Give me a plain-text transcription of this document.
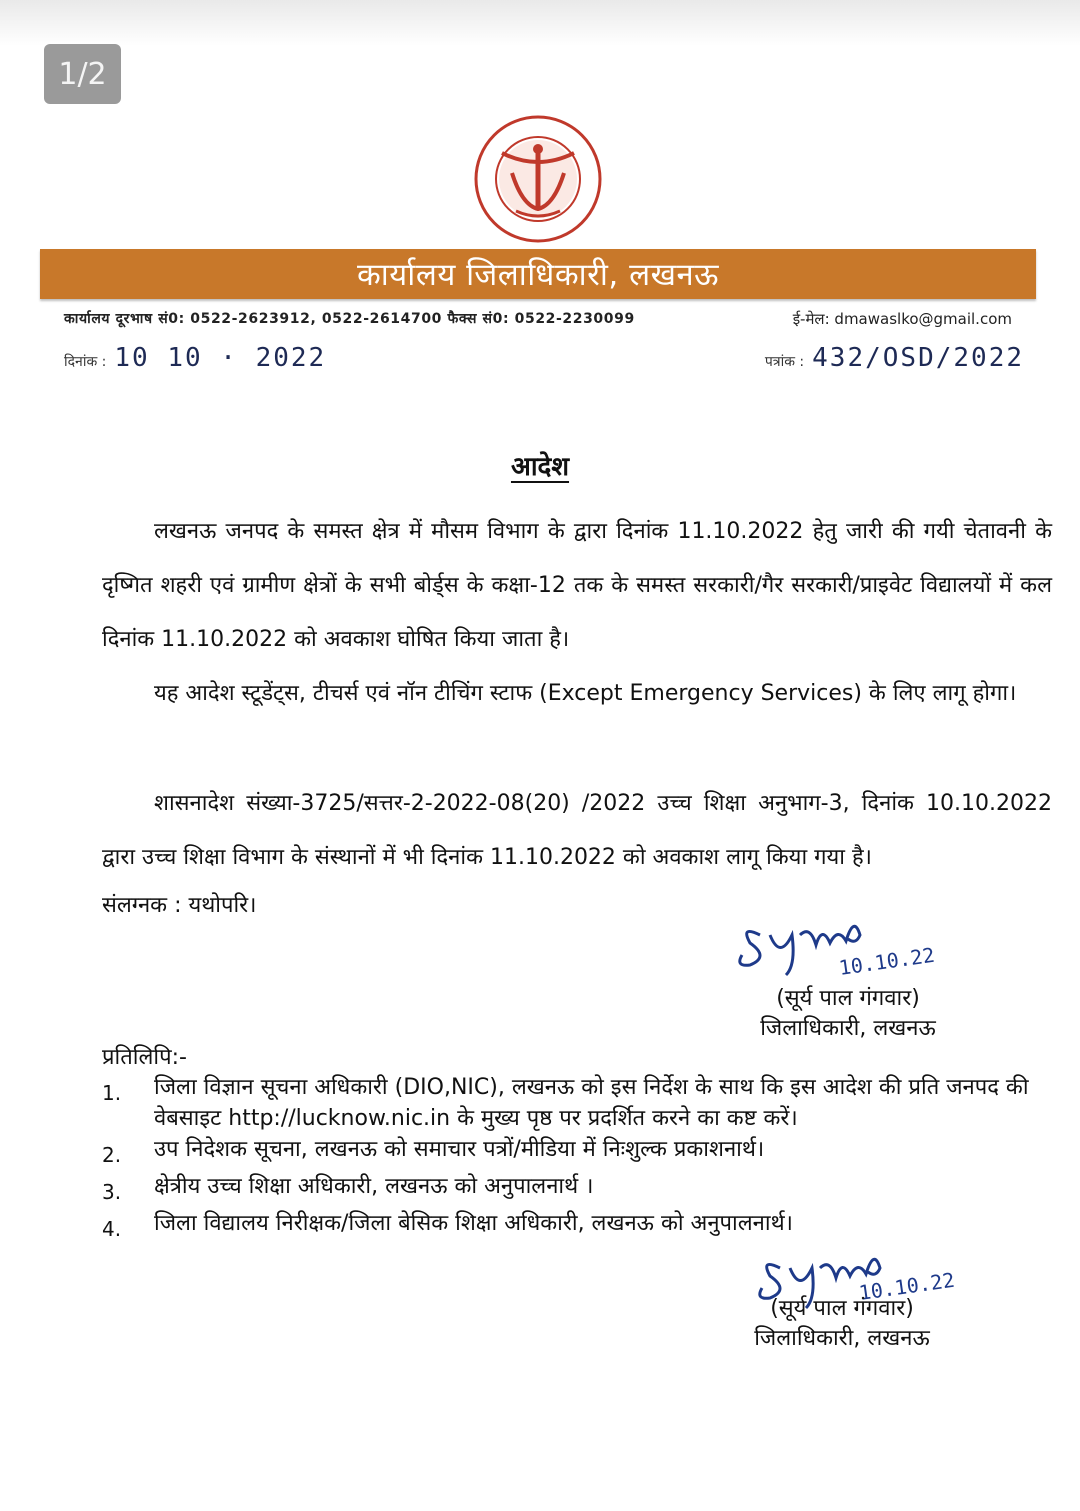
1/2
कार्यालय जिलाधिकारी, लखनऊ
कार्यालय दूरभाष सं0: 0522-2623912, 0522-2614700 फैक्स सं0: 0522-2230099	ई-मेल: dmawaslko@gmail.com
दिनांक : 10 10 · 2022	पत्रांक : 432/OSD/2022
आदेश
लखनऊ जनपद के समस्त क्षेत्र में मौसम विभाग के द्वारा दिनांक 11.10.2022 हेतु जारी की गयी चेतावनी के दृष्गित शहरी एवं ग्रामीण क्षेत्रों के सभी बोर्ड्स के कक्षा-12 तक के समस्त सरकारी/गैर सरकारी/प्राइवेट विद्यालयों में कल दिनांक 11.10.2022 को अवकाश घोषित किया जाता है।
यह आदेश स्टूडेंट्स, टीचर्स एवं नॉन टीचिंग स्टाफ (Except Emergency Services) के लिए लागू होगा।
शासनादेश संख्या-3725/सत्तर-2-2022-08(20) /2022 उच्च शिक्षा अनुभाग-3, दिनांक 10.10.2022 द्वारा उच्च शिक्षा विभाग के संस्थानों में भी दिनांक 11.10.2022 को अवकाश लागू किया गया है।
संलग्नक : यथोपरि।
10.10.22
(सूर्य पाल गंगवार)
जिलाधिकारी, लखनऊ
प्रतिलिपि:-
1.	जिला विज्ञान सूचना अधिकारी (DIO,NIC), लखनऊ को इस निर्देश के साथ कि इस आदेश की प्रति जनपद की वेबसाइट http://lucknow.nic.in के मुख्य पृष्ठ पर प्रदर्शित करने का कष्ट करें।
2.	उप निदेशक सूचना, लखनऊ को समाचार पत्रों/मीडिया में निःशुल्क प्रकाशनार्थ।
3.	क्षेत्रीय उच्च शिक्षा अधिकारी, लखनऊ को अनुपालनार्थ ।
4.	जिला विद्यालय निरीक्षक/जिला बेसिक शिक्षा अधिकारी, लखनऊ को अनुपालनार्थ।
10.10.22
(सूर्य पाल गंगवार)
जिलाधिकारी, लखनऊ
